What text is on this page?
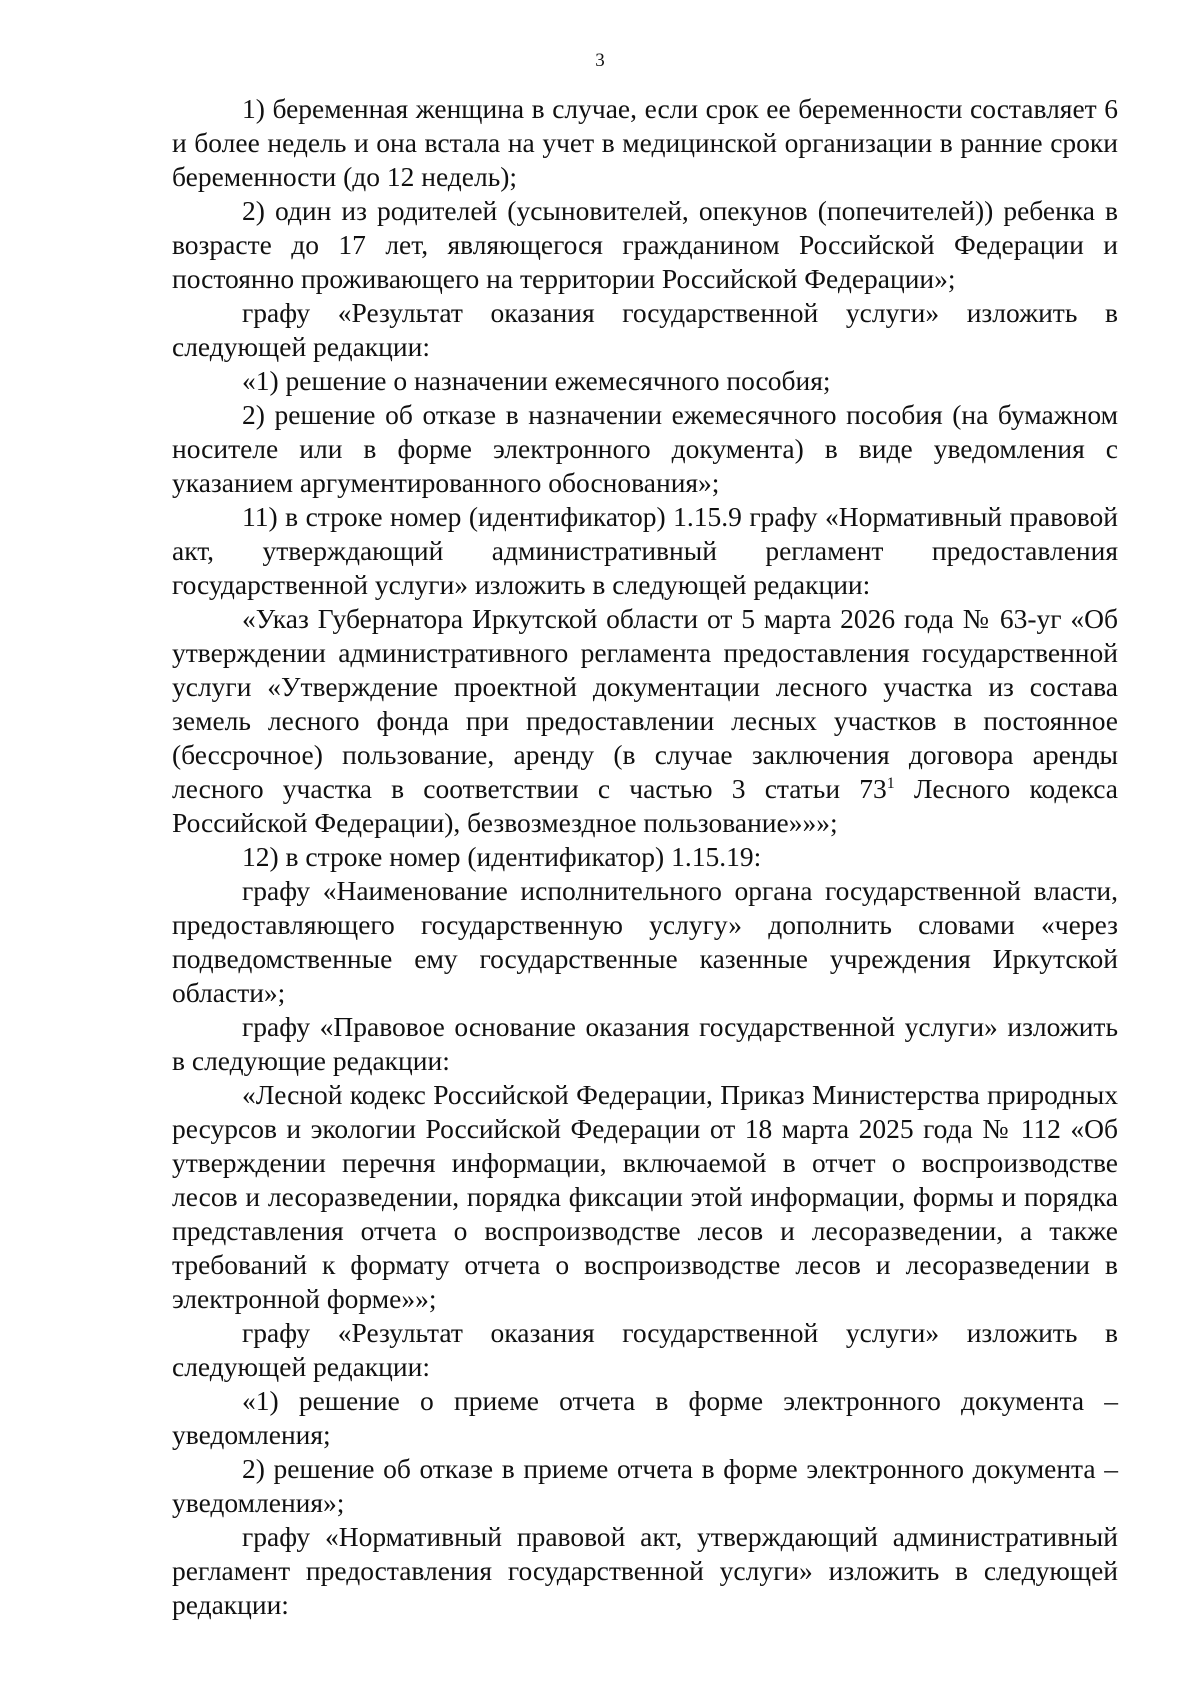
3

1) беременная женщина в случае, если срок ее беременности составляет 6 и более недель и она встала на учет в медицинской организации в ранние сроки беременности (до 12 недель);

2) один из родителей (усыновителей, опекунов (попечителей)) ребенка в возрасте до 17 лет, являющегося гражданином Российской Федерации и постоянно проживающего на территории Российской Федерации»;

графу «Результат оказания государственной услуги» изложить в следующей редакции:

«1) решение о назначении ежемесячного пособия;

2) решение об отказе в назначении ежемесячного пособия (на бумажном носителе или в форме электронного документа) в виде уведомления с указанием аргументированного обоснования»;

11) в строке номер (идентификатор) 1.15.9 графу «Нормативный правовой акт, утверждающий административный регламент предоставления государственной услуги» изложить в следующей редакции:

«Указ Губернатора Иркутской области от 5 марта 2026 года № 63-уг «Об утверждении административного регламента предоставления государственной услуги «Утверждение проектной документации лесного участка из состава земель лесного фонда при предоставлении лесных участков в постоянное (бессрочное) пользование, аренду (в случае заключения договора аренды лесного участка в соответствии с частью 3 статьи $73^1$ Лесного кодекса Российской Федерации), безвозмездное пользование»»»;

12) в строке номер (идентификатор) 1.15.19:

графу «Наименование исполнительного органа государственной власти, предоставляющего государственную услугу» дополнить словами «через подведомственные ему государственные казенные учреждения Иркутской области»;

графу «Правовое основание оказания государственной услуги» изложить в следующие редакции:

«Лесной кодекс Российской Федерации, Приказ Министерства природных ресурсов и экологии Российской Федерации от 18 марта 2025 года № 112 «Об утверждении перечня информации, включаемой в отчет о воспроизводстве лесов и лесоразведении, порядка фиксации этой информации, формы и порядка представления отчета о воспроизводстве лесов и лесоразведении, а также требований к формату отчета о воспроизводстве лесов и лесоразведении в электронной форме»»;

графу «Результат оказания государственной услуги» изложить в следующей редакции:

«1) решение о приеме отчета в форме электронного документа – уведомления;

2) решение об отказе в приеме отчета в форме электронного документа – уведомления»;

графу «Нормативный правовой акт, утверждающий административный регламент предоставления государственной услуги» изложить в следующей редакции:
